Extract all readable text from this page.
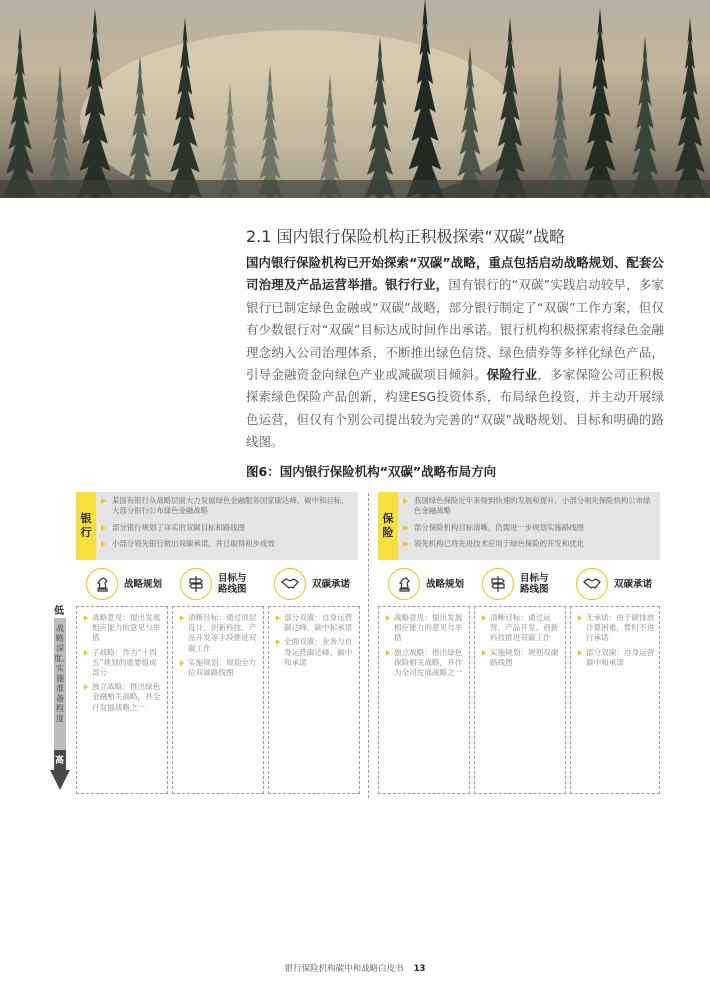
2.1 国内银行保险机构正积极探索“双碳”战略
国内银行保险机构已开始探索“双碳”战略，重点包括启动战略规划、配套公司治理及产品运营举措。银行行业，国有银行的“双碳”实践启动较早，多家银行已制定绿色金融或“双碳”战略，部分银行制定了“双碳”工作方案，但仅有少数银行对“双碳”目标达成时间作出承诺。银行机构积极探索将绿色金融理念纳入公司治理体系，不断推出绿色信贷、绿色债券等多样化绿色产品，引导金融资金向绿色产业或减碳项目倾斜。保险行业，多家保险公司正积极探索绿色保险产品创新，构建ESG投资体系，布局绿色投资，并主动开展绿色运营，但仅有个别公司提出较为完善的“双碳”战略规划、目标和明确的路线图。
图6：国内银行保险机构“双碳”战略布局方向
银
行
某国有银行从战略层面大力发展绿色金融服务国家碳达峰、碳中和目标，大部分银行公布绿色金融战略
部分银行规划了详实的双碳目标和路线图
小部分领先银行做出双碳承诺，并已取得初步成效
保
险
我国绿色保险近年来得到快速的发展和提升，小部分领先保险机构公布绿色金融战略
部分保险机构目标清晰，仍需进一步规划实施路线图
领先机构已将先进技术应用于绿色保险的开发和优化
战略规划	目标与路线图	双碳承诺	战略规划	目标与路线图	双碳承诺
战略意见：提出发展相应能力的意见与举措
子战略：作为“十四五”规划的重要组成部分
独立战略：推出绿色金融相关战略，并全行发展战略之一
清晰目标：通过顶层设计、创新科技、产品开发等手段推进双碳工作
实施规划：规划全方位双碳路线图
部分双碳：自身运营碳达峰、碳中和承诺
全面双碳：业务与自身运营碳达峰、碳中和承诺
战略意见：提出发展相应能力的意见与举措
独立战略：推出绿色保险相关战略，并作为全司发展战略之一
清晰目标：通过运营、产品开发、创新科技推进双碳工作
实施规划：规划双碳路线图
无承诺：由于碳排放计算困难，暂时不进行承诺
部分双碳：自身运营碳中和承诺
低
战略深度、实施准备程度
高
银行保险机构碳中和战略白皮书 13
